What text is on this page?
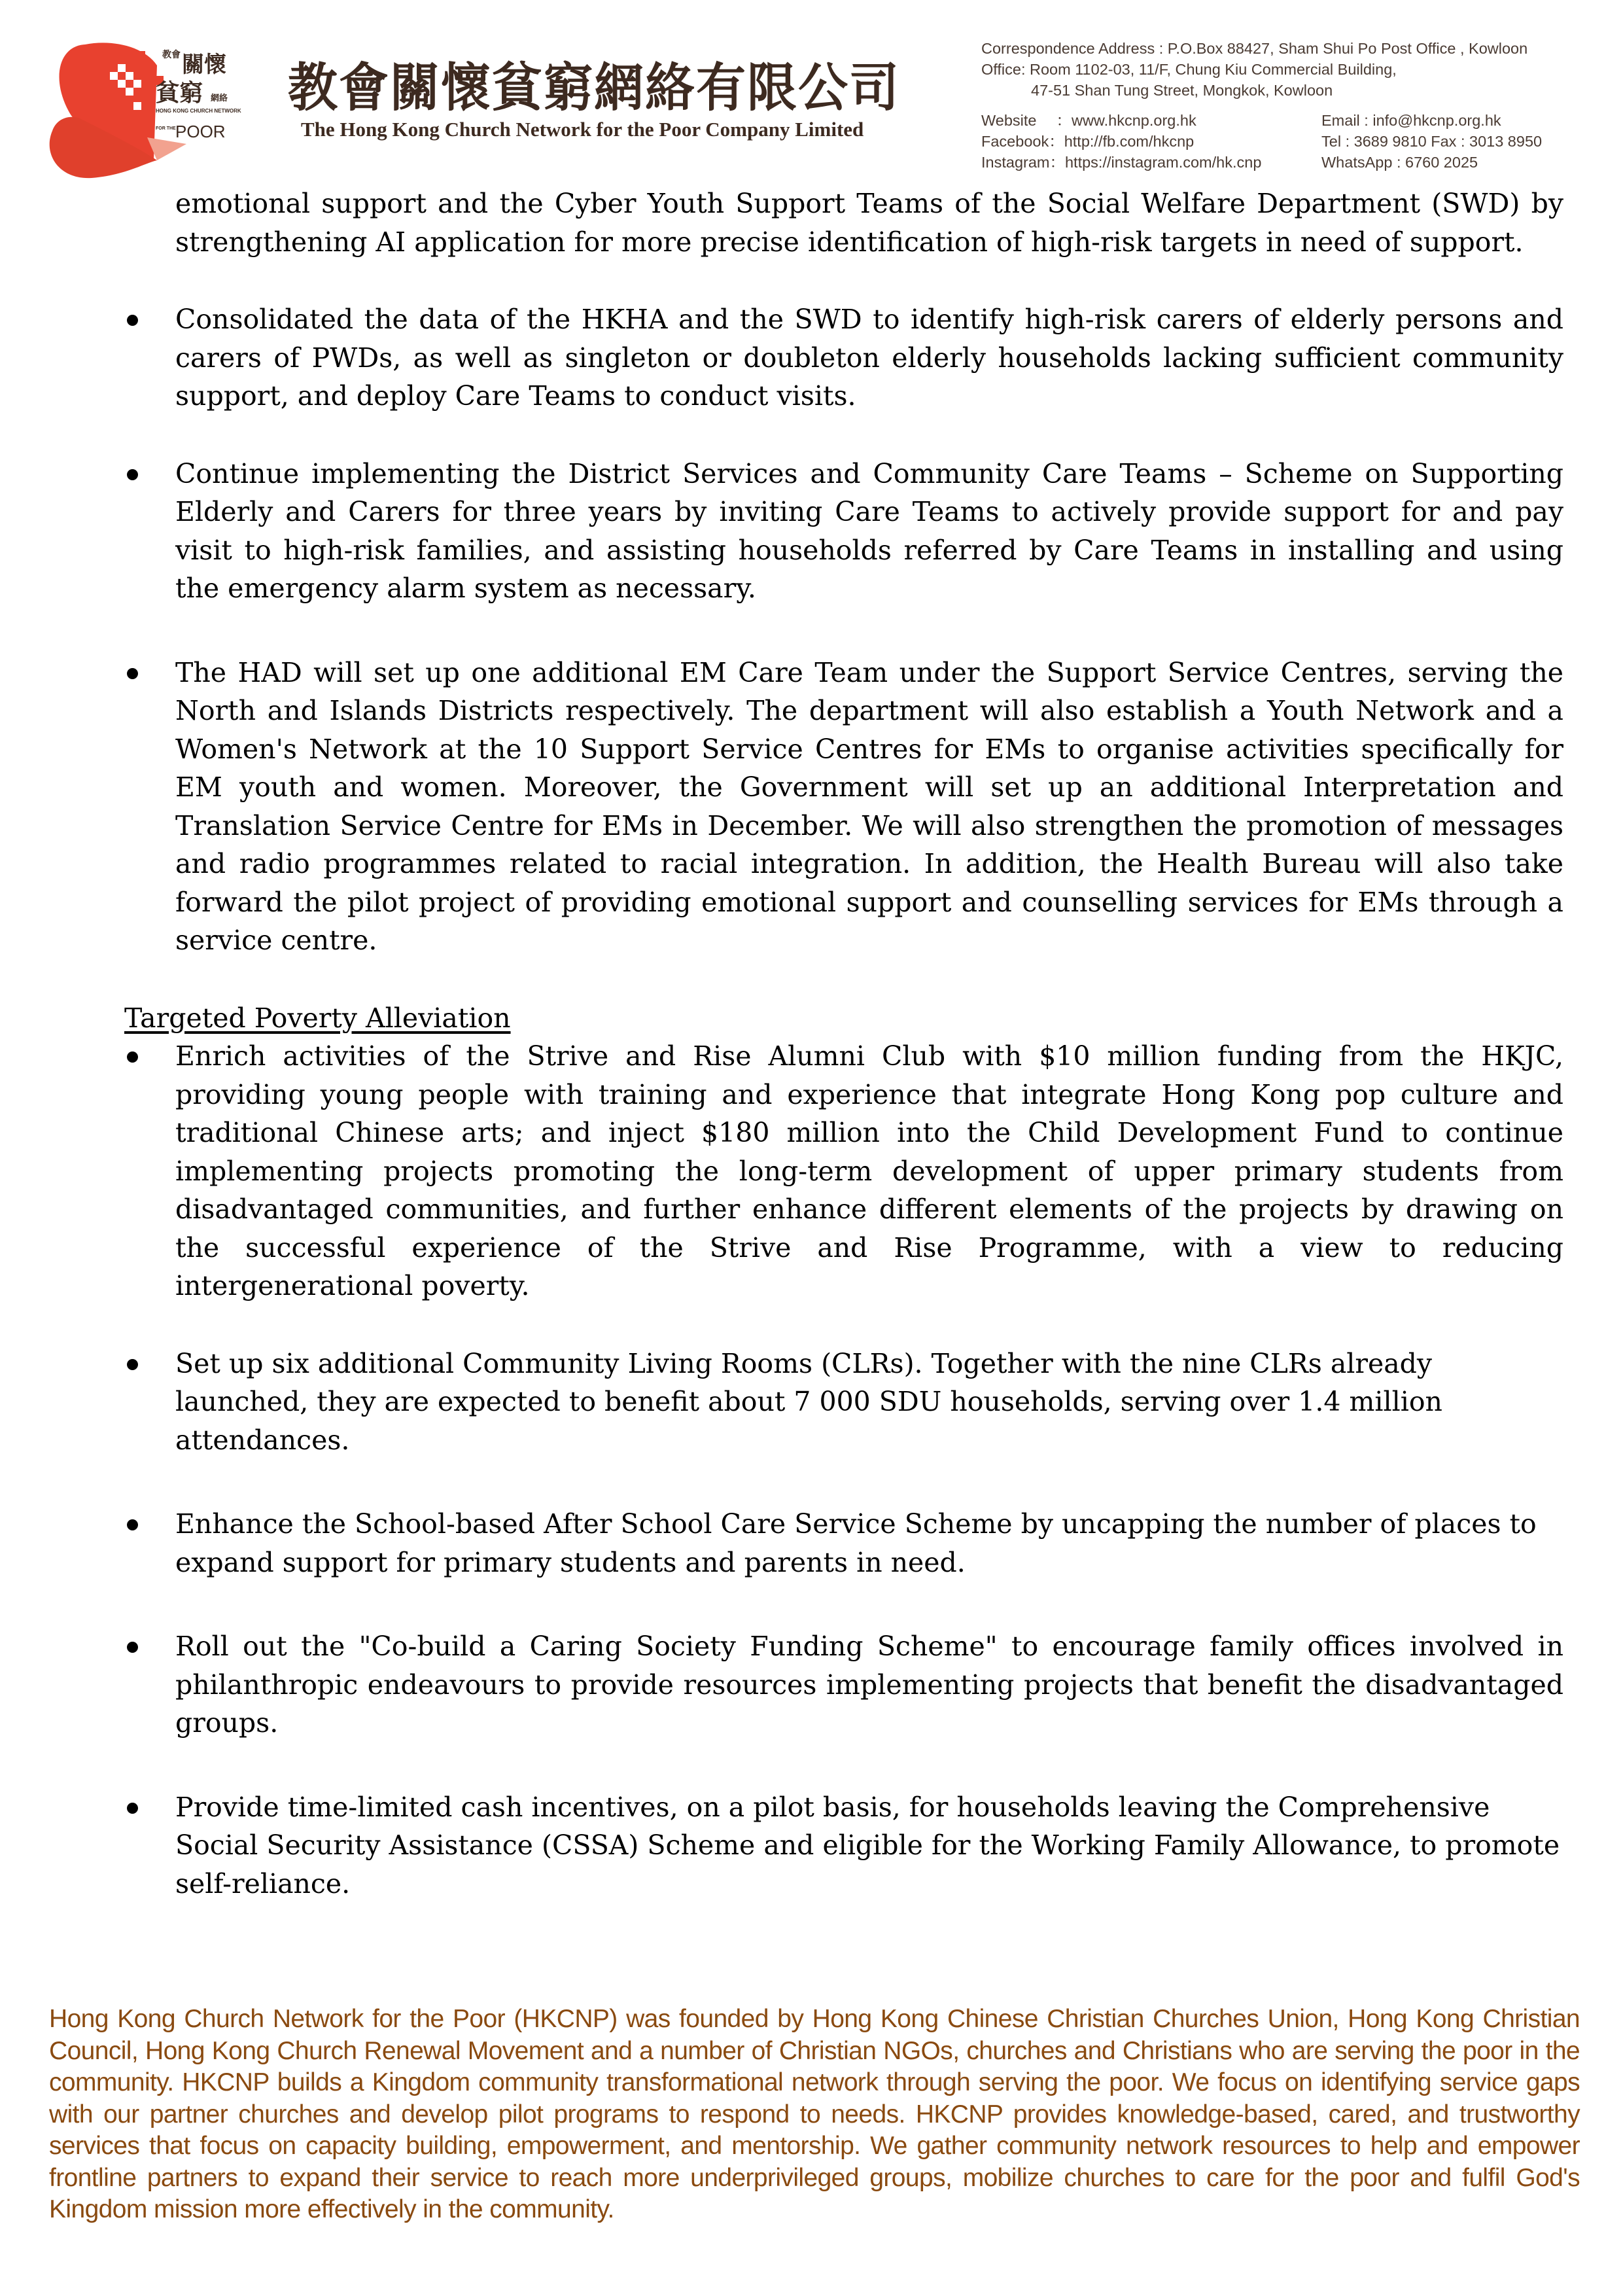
教會 關懷
貧窮 網絡
HONG KONG CHURCH NETWORK
FOR THE POOR
教會關懷貧窮網絡有限公司
The Hong Kong Church Network for the Poor Company Limited
Correspondence Address : P.O.Box 88427, Sham Shui Po Post Office , Kowloon
Office: Room 1102-03, 11/F, Chung Kiu Commercial Building,
47-51 Shan Tung Street, Mongkok, Kowloon
Website  ：www.hkcnp.org.hk
Facebook：http://fb.com/hkcnp
Instagram：https://instagram.com/hk.cnp
Email : info@hkcnp.org.hk
Tel : 3689 9810 Fax : 3013 8950
WhatsApp : 6760 2025

emotional support and the Cyber Youth Support Teams of the Social Welfare Department (SWD) by strengthening AI application for more precise identification of high-risk targets in need of support.

Consolidated the data of the HKHA and the SWD to identify high-risk carers of elderly persons and carers of PWDs, as well as singleton or doubleton elderly households lacking sufficient community support, and deploy Care Teams to conduct visits.
Continue implementing the District Services and Community Care Teams – Scheme on Supporting Elderly and Carers for three years by inviting Care Teams to actively provide support for and pay visit to high-risk families, and assisting households referred by Care Teams in installing and using the emergency alarm system as necessary.
The HAD will set up one additional EM Care Team under the Support Service Centres, serving the North and Islands Districts respectively. The department will also establish a Youth Network and a Women's Network at the 10 Support Service Centres for EMs to organise activities specifically for EM youth and women. Moreover, the Government will set up an additional Interpretation and Translation Service Centre for EMs in December. We will also strengthen the promotion of messages and radio programmes related to racial integration. In addition, the Health Bureau will also take forward the pilot project of providing emotional support and counselling services for EMs through a service centre.

Targeted Poverty Alleviation

Enrich activities of the Strive and Rise Alumni Club with $10 million funding from the HKJC, providing young people with training and experience that integrate Hong Kong pop culture and traditional Chinese arts; and inject $180 million into the Child Development Fund to continue implementing projects promoting the long-term development of upper primary students from disadvantaged communities, and further enhance different elements of the projects by drawing on the successful experience of the Strive and Rise Programme, with a view to reducing intergenerational poverty.
Set up six additional Community Living Rooms (CLRs). Together with the nine CLRs already launched, they are expected to benefit about 7 000 SDU households, serving over 1.4 million attendances.
Enhance the School-based After School Care Service Scheme by uncapping the number of places to expand support for primary students and parents in need.
Roll out the "Co-build a Caring Society Funding Scheme" to encourage family offices involved in philanthropic endeavours to provide resources implementing projects that benefit the disadvantaged groups.
Provide time-limited cash incentives, on a pilot basis, for households leaving the Comprehensive Social Security Assistance (CSSA) Scheme and eligible for the Working Family Allowance, to promote self-reliance.
Hong Kong Church Network for the Poor (HKCNP) was founded by Hong Kong Chinese Christian Churches Union, Hong Kong Christian Council, Hong Kong Church Renewal Movement and a number of Christian NGOs, churches and Christians who are serving the poor in the community. HKCNP builds a Kingdom community transformational network through serving the poor. We focus on identifying service gaps with our partner churches and develop pilot programs to respond to needs. HKCNP provides knowledge-based, cared, and trustworthy services that focus on capacity building, empowerment, and mentorship. We gather community network resources to help and empower frontline partners to expand their service to reach more underprivileged groups, mobilize churches to care for the poor and fulfil God's Kingdom mission more effectively in the community.
